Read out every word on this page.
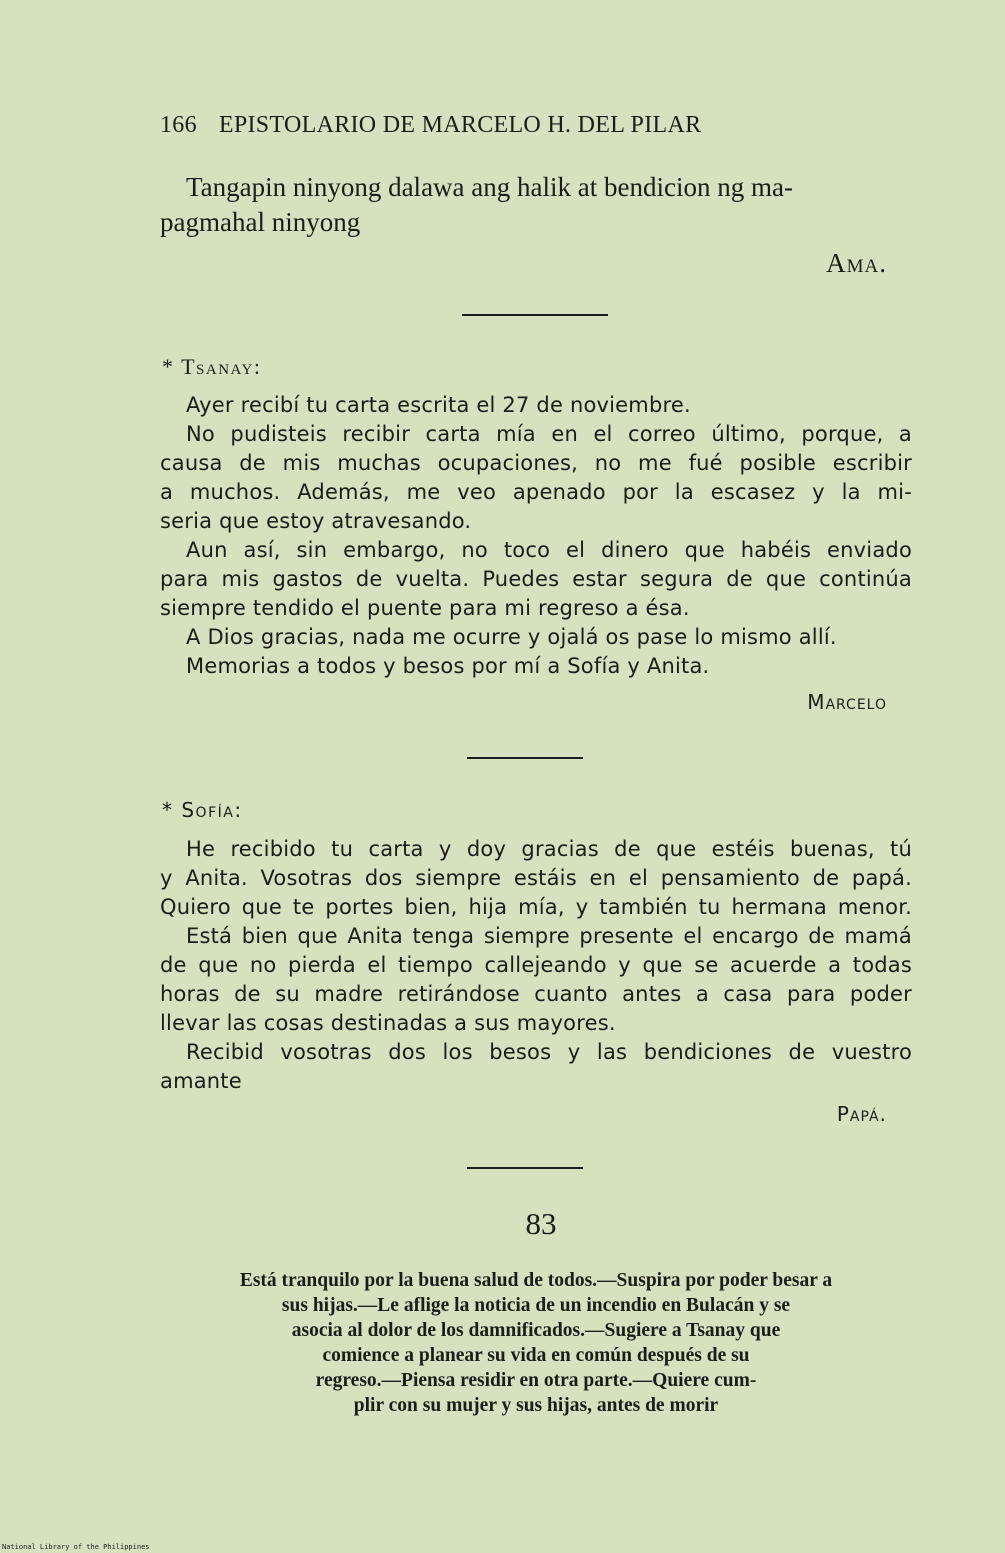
166 EPISTOLARIO DE MARCELO H. DEL PILAR

Tangapin ninyong dalawa ang halik at bendicion ng ma-
pagmahal ninyong

Ama.
* Tsanay:
Ayer recibí tu carta escrita el 27 de noviembre.
No pudisteis recibir carta mía en el correo último, porque, a
causa de mis muchas ocupaciones, no me fué posible escribir
a muchos. Además, me veo apenado por la escasez y la mi-
seria que estoy atravesando.
Aun así, sin embargo, no toco el dinero que habéis enviado
para mis gastos de vuelta. Puedes estar segura de que continúa
siempre tendido el puente para mi regreso a ésa.
A Dios gracias, nada me ocurre y ojalá os pase lo mismo allí.
Memorias a todos y besos por mí a Sofía y Anita.
Marcelo
* Sofía:
He recibido tu carta y doy gracias de que estéis buenas, tú
y Anita. Vosotras dos siempre estáis en el pensamiento de papá.
Quiero que te portes bien, hija mía, y también tu hermana menor.
Está bien que Anita tenga siempre presente el encargo de mamá
de que no pierda el tiempo callejeando y que se acuerde a todas
horas de su madre retirándose cuanto antes a casa para poder
llevar las cosas destinadas a sus mayores.
Recibid vosotras dos los besos y las bendiciones de vuestro
amante
Papá.
83

Está tranquilo por la buena salud de todos.—Suspira por poder besar a

sus hijas.—Le aflige la noticia de un incendio en Bulacán y se

asocia al dolor de los damnificados.—Sugiere a Tsanay que

comience a planear su vida en común después de su

regreso.—Piensa residir en otra parte.—Quiere cum-

plir con su mujer y sus hijas, antes de morir

National Library of the Philippines
